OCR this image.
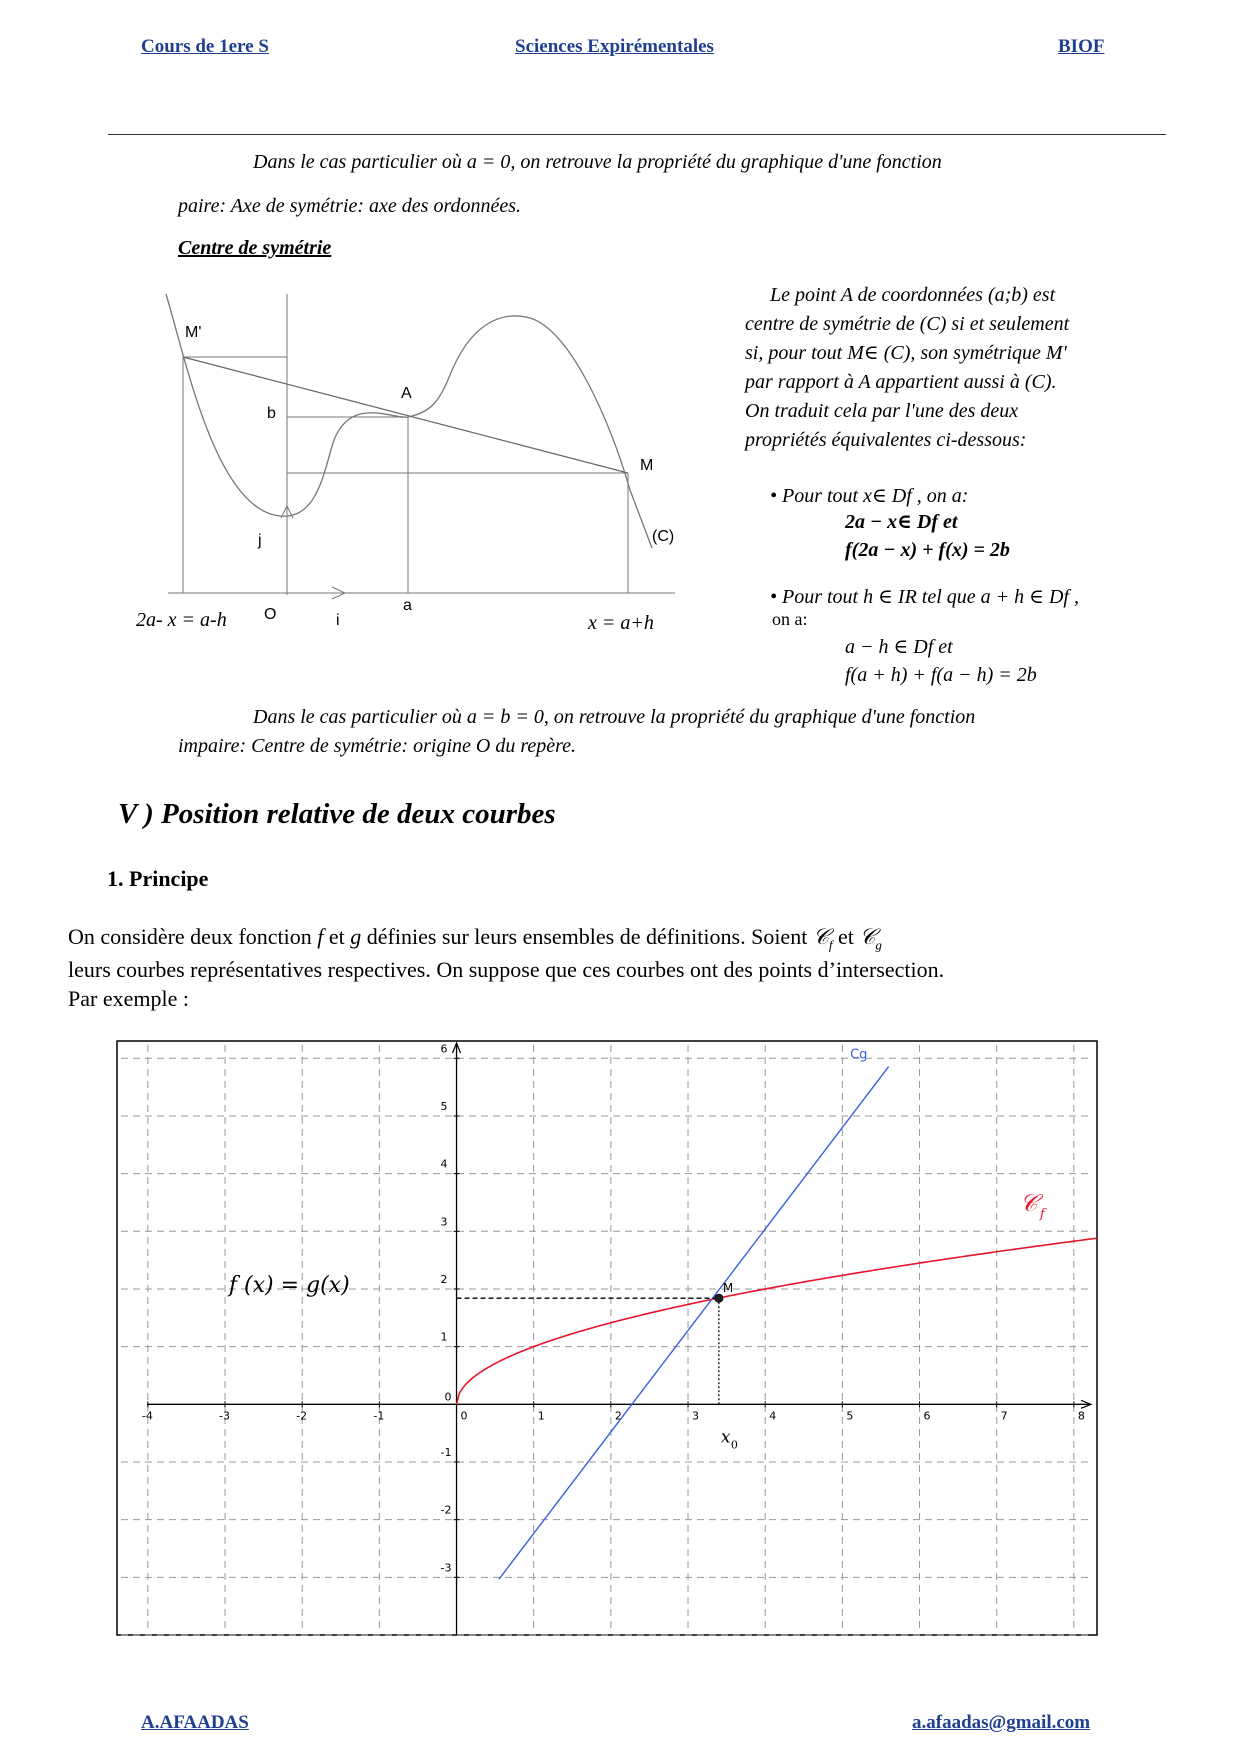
Cours de 1ere S	Sciences Expirémentales	BIOF
Dans le cas particulier où a = 0, on retrouve la propriété du graphique d'une fonction
paire: Axe de symétrie: axe des ordonnées.
Centre de symétrie
M'
A
b
M
j	(C)
O	i
a
2a- x = a-h	x = a+h
Le point A de coordonnées (a;b) est
centre de symétrie de (C) si et seulement
si, pour tout M∈ (C), son symétrique M'
par rapport à A appartient aussi à (C).
On traduit cela par l'une des deux
propriétés équivalentes ci-dessous:
• Pour tout x∈ Df , on a:
2a − x∈ Df et
f(2a − x) + f(x) = 2b
• Pour tout h ∈ IR tel que a + h ∈ Df ,
on a:
a − h ∈ Df et
f(a + h) + f(a − h) = 2b
Dans le cas particulier où a = b = 0, on retrouve la propriété du graphique d'une fonction
impaire: Centre de symétrie: origine O du repère.
V ) Position relative de deux courbes
1. Principe
On considère deux fonction f et g définies sur leurs ensembles de définitions. Soient 𝒞$_f$ et 𝒞$_g$
leurs courbes représentatives respectives. On suppose que ces courbes ont des points d’intersection.
Par exemple :
-4	-3	-2	-1	0	1	2	3	4	5	6	7	8
6
5
4
3
2
1
0
-1
-2
-3
𝒞 f
Cg
M
x 0
f (x) = g(x)
A.AFAADAS	a.afaadas@gmail.com
